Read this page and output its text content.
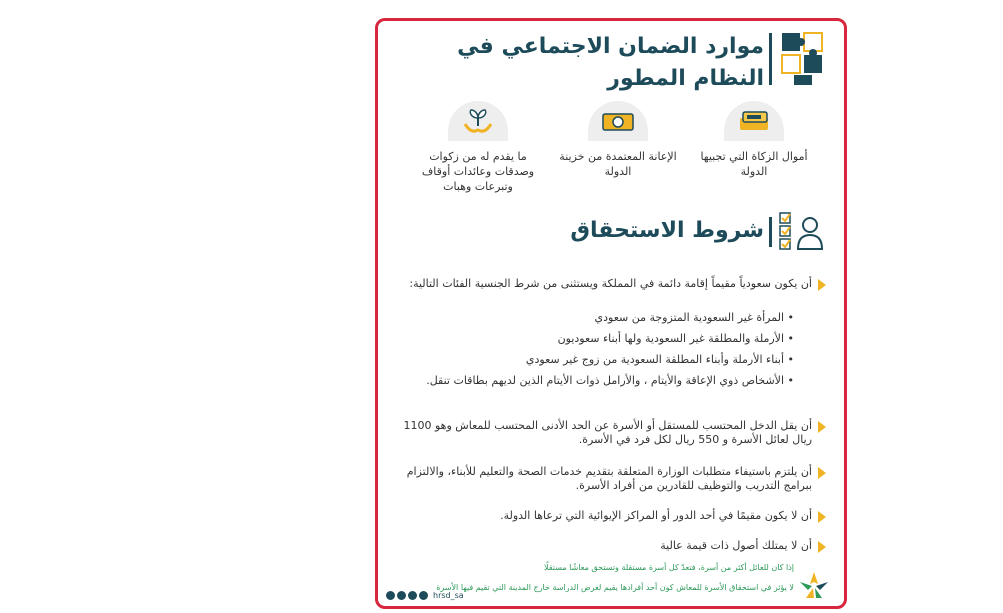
موارد الضمان الاجتماعي في النظام المطور
أموال الزكاة التي تجبيها الدولة
الإعانة المعتمدة من خزينة الدولة
ما يقدم له من زكوات وصدقات وعائدات أوقاف وتبرعات وهبات
شروط الاستحقاق
أن يكون سعودياً مقيماً إقامة دائمة في المملكة ويستثنى من شرط الجنسية الفئات التالية:
• المرأة غير السعودية المتزوجة من سعودي
• الأرملة والمطلقة غير السعودية ولها أبناء سعوديون
• أبناء الأرملة وأبناء المطلقة السعودية من زوج غير سعودي
• الأشخاص ذوي الإعاقة والأيتام ، والأرامل ذوات الأيتام الذين لديهم بطاقات تنقل.
أن يقل الدخل المحتسب للمستقل أو الأسرة عن الحد الأدنى المحتسب للمعاش وهو 1100 ريال لعائل الأسرة و 550 ريال لكل فرد في الأسرة.
أن يلتزم باستيفاء متطلبات الوزارة المتعلقة بتقديم خدمات الصحة والتعليم للأبناء، والالتزام ببرامج التدريب والتوظيف للقادرين من أفراد الأسرة.
أن لا يكون مقيمًا في أحد الدور أو المراكز الإيوائية التي ترعاها الدولة.
أن لا يمتلك أصول ذات قيمة عالية
إذا كان للعائل أكثر من أسرة، فتعدّ كل أسرة مستقلة وتستحق معاشًا مستقلًا
لا يؤثر في استحقاق الأسرة للمعاش كون أحد أفرادها يقيم لغرض الدراسة خارج المدينة التي تقيم فيها الأسرة
hrsd_sa
